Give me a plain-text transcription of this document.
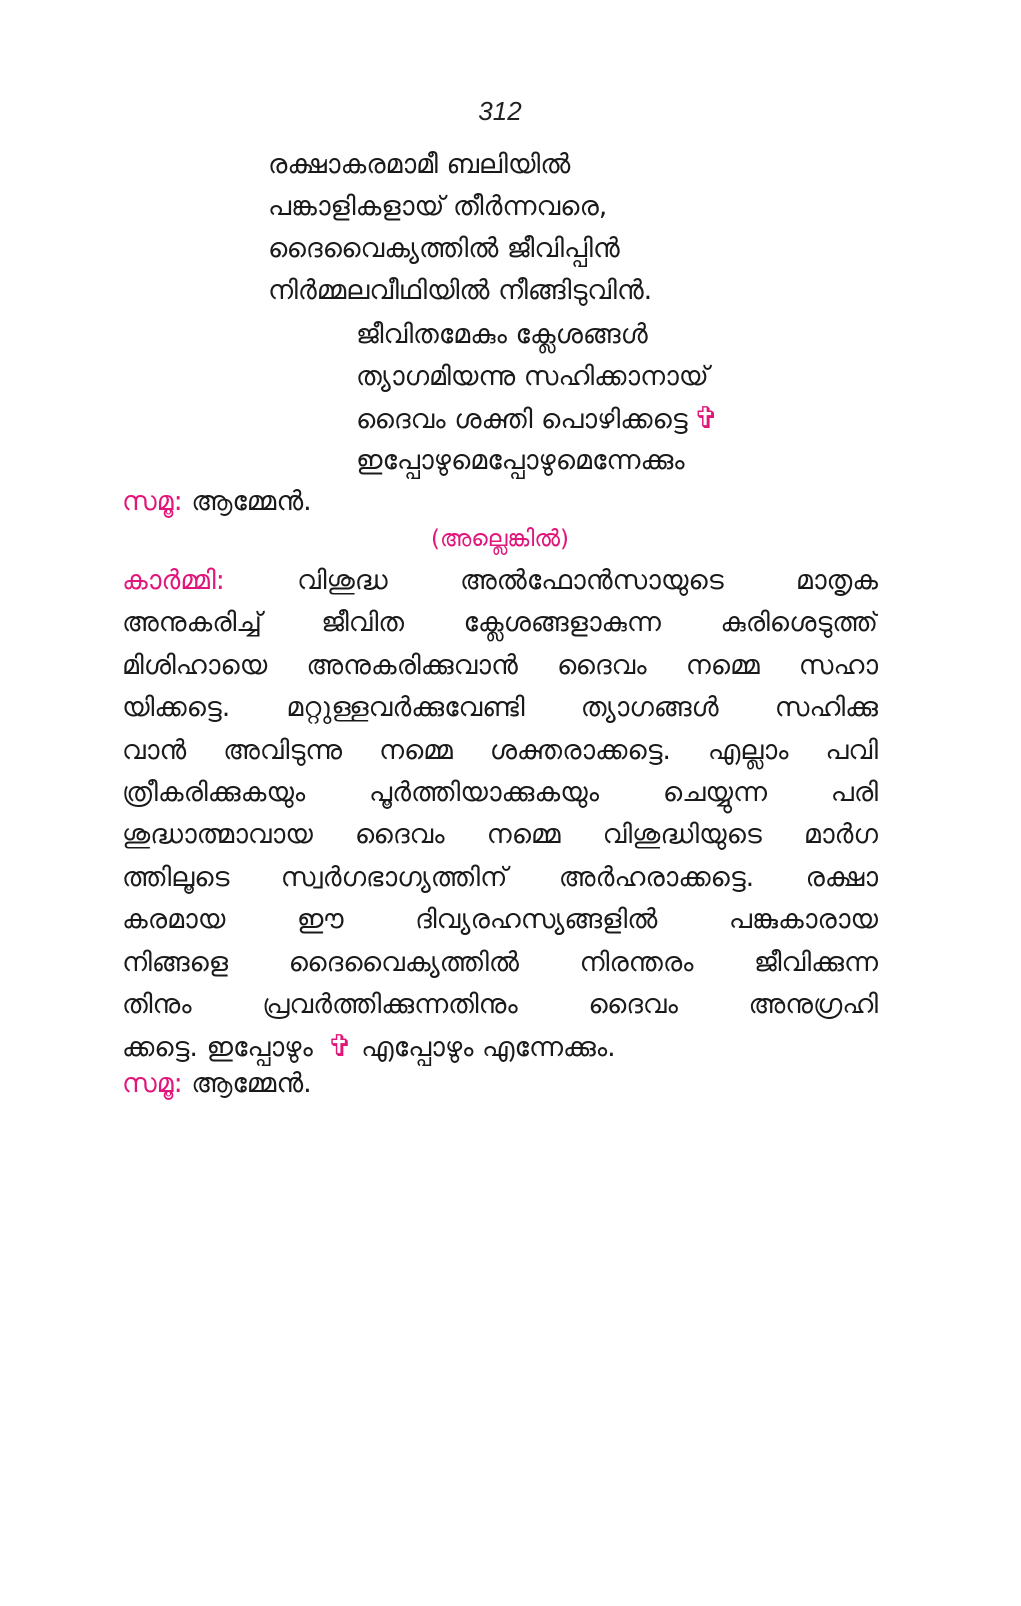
312
രക്ഷാകരമാമീ ബലിയിൽ
പങ്കാളികളായ് തീർന്നവരെ,
ദൈവൈക്യത്തിൽ ജീവിപ്പിൻ
നിർമ്മലവീഥിയിൽ നീങ്ങിടുവിൻ.
ജീവിതമേകും ക്ലേശങ്ങൾ
ത്യാഗമിയന്നു സഹിക്കാനായ്
ദൈവം ശക്തി പൊഴിക്കട്ടെ ✞
ഇപ്പോഴുമെപ്പോഴുമെന്നേക്കും
സമൂ: ആമ്മേൻ.
(അല്ലെങ്കിൽ)
കാർമ്മി:	വിശുദ്ധ അൽഫോൻസായുടെ മാതൃക
അനുകരിച്ച് ജീവിത ക്ലേശങ്ങളാകുന്ന കുരിശെടുത്ത്
മിശിഹായെ അനുകരിക്കുവാൻ ദൈവം നമ്മെ സഹാ
യിക്കട്ടെ. മറ്റുള്ളവർക്കുവേണ്ടി ത്യാഗങ്ങൾ സഹിക്കു
വാൻ അവിടുന്നു നമ്മെ ശക്തരാക്കട്ടെ. എല്ലാം പവി
ത്രീകരിക്കുകയും പൂർത്തിയാക്കുകയും ചെയ്യുന്ന പരി
ശുദ്ധാത്മാവായ ദൈവം നമ്മെ വിശുദ്ധിയുടെ മാർഗ
ത്തിലൂടെ സ്വർഗഭാഗ്യത്തിന് അർഹരാക്കട്ടെ. രക്ഷാ
കരമായ ഈ ദിവ്യരഹസ്യങ്ങളിൽ പങ്കുകാരായ
നിങ്ങളെ ദൈവൈക്യത്തിൽ നിരന്തരം ജീവിക്കുന്ന
തിനും പ്രവർത്തിക്കുന്നതിനും ദൈവം അനുഗ്രഹി
ക്കട്ടെ. ഇപ്പോഴും ✞ എപ്പോഴും എന്നേക്കും.
സമൂ: ആമ്മേൻ.
